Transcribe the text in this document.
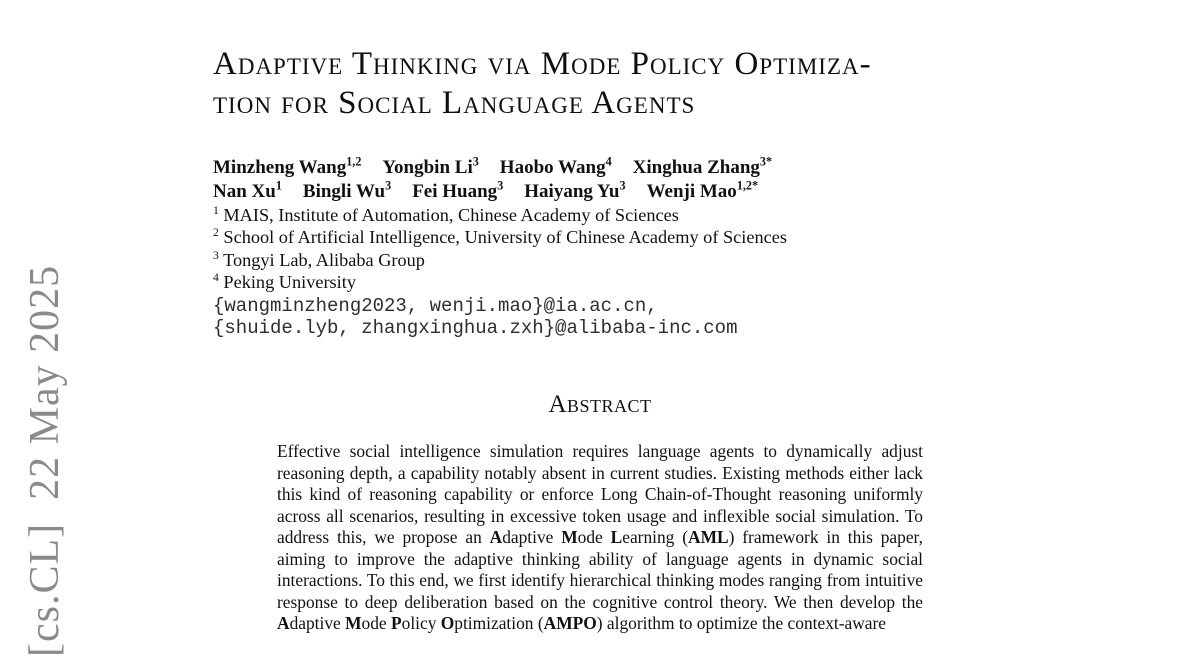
[cs.CL]  22 May 2025
Adaptive Thinking via Mode Policy Optimiza-
tion for Social Language Agents
Minzheng Wang$^{1,2}$ Yongbin Li$^3$ Haobo Wang$^4$ Xinghua Zhang$^{3*}$
Nan Xu$^1$ Bingli Wu$^3$ Fei Huang$^3$ Haiyang Yu$^3$ Wenji Mao$^{1,2*}$
$^1$ MAIS, Institute of Automation, Chinese Academy of Sciences
$^2$ School of Artificial Intelligence, University of Chinese Academy of Sciences
$^3$ Tongyi Lab, Alibaba Group
$^4$ Peking University
{wangminzheng2023, wenji.mao}@ia.ac.cn,
{shuide.lyb, zhangxinghua.zxh}@alibaba-inc.com
Abstract
Effective social intelligence simulation requires language agents to dynamically adjust reasoning depth, a capability notably absent in current studies. Existing methods either lack this kind of reasoning capability or enforce Long Chain-of-Thought reasoning uniformly across all scenarios, resulting in excessive token usage and inflexible social simulation. To address this, we propose an Adaptive Mode Learning (AML) framework in this paper, aiming to improve the adaptive thinking ability of language agents in dynamic social interactions. To this end, we first identify hierarchical thinking modes ranging from intuitive response to deep deliberation based on the cognitive control theory. We then develop the Adaptive Mode Policy Optimization (AMPO) algorithm to optimize the context-aware
